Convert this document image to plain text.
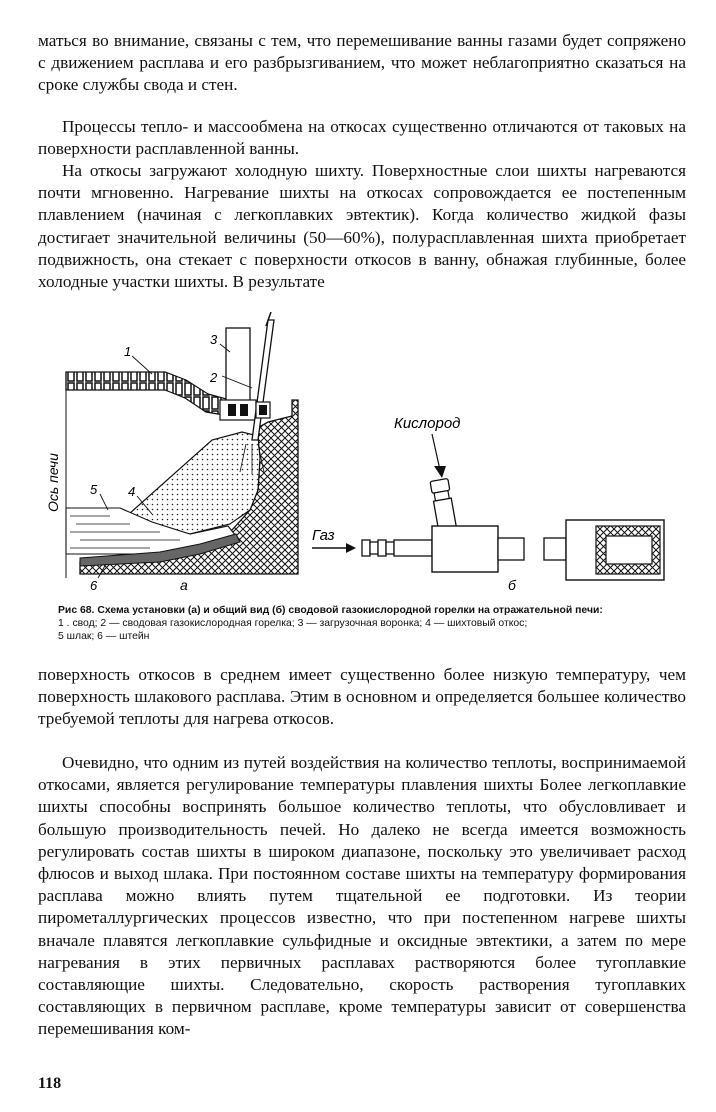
маться во внимание, связаны с тем, что перемешивание ванны газами будет сопряжено с движением расплава и его разбрызгиванием, что может неблагоприятно сказаться на сроке службы свода и стен.

Процессы тепло- и массообмена на откосах существенно отличаются от таковых на поверхности расплавленной ванны.

На откосы загружают холодную шихту. Поверхностные слои шихты нагреваются почти мгновенно. Нагревание шихты на откосах сопровождается ее постепенным плавлением (начиная с легкоплавких эвтектик). Когда количество жидкой фазы достигает значительной величины (50—60%), полурасплавленная шихта приобретает подвижность, она стекает с поверхности откосов в ванну, обнажая глубинные, более холодные участки шихты. В результате

1
2
3
4
5
6	а
Ось печи
Кислород
Газ
б
Рис 68. Схема установки (а) и общий вид (б) сводовой газокислородной горелки на отражательной печи:
1 . свод; 2 — сводовая газокислородная горелка; 3 — загрузочная воронка; 4 — шихтовый откос;
5 шлак; 6 — штейн

поверхность откосов в среднем имеет существенно более низкую температуру, чем поверхность шлакового расплава. Этим в основном и определяется большее количество требуемой теплоты для нагрева откосов.

Очевидно, что одним из путей воздействия на количество теплоты, воспринимаемой откосами, является регулирование температуры плавления шихты Более легкоплавкие шихты способны воспринять большое количество теплоты, что обусловливает и большую производительность печей. Но далеко не всегда имеется возможность регулировать состав шихты в широком диапазоне, поскольку это увеличивает расход флюсов и выход шлака. При постоянном составе шихты на температуру формирования расплава можно влиять путем тщательной ее подготовки. Из теории пирометаллургических процессов известно, что при постепенном нагреве шихты вначале плавятся легкоплавкие сульфидные и оксидные эвтектики, а затем по мере нагревания в этих первичных расплавах растворяются более тугоплавкие составляющие шихты. Следовательно, скорость растворения тугоплавких составляющих в первичном расплаве, кроме температуры зависит от совершенства перемешивания ком-

118
